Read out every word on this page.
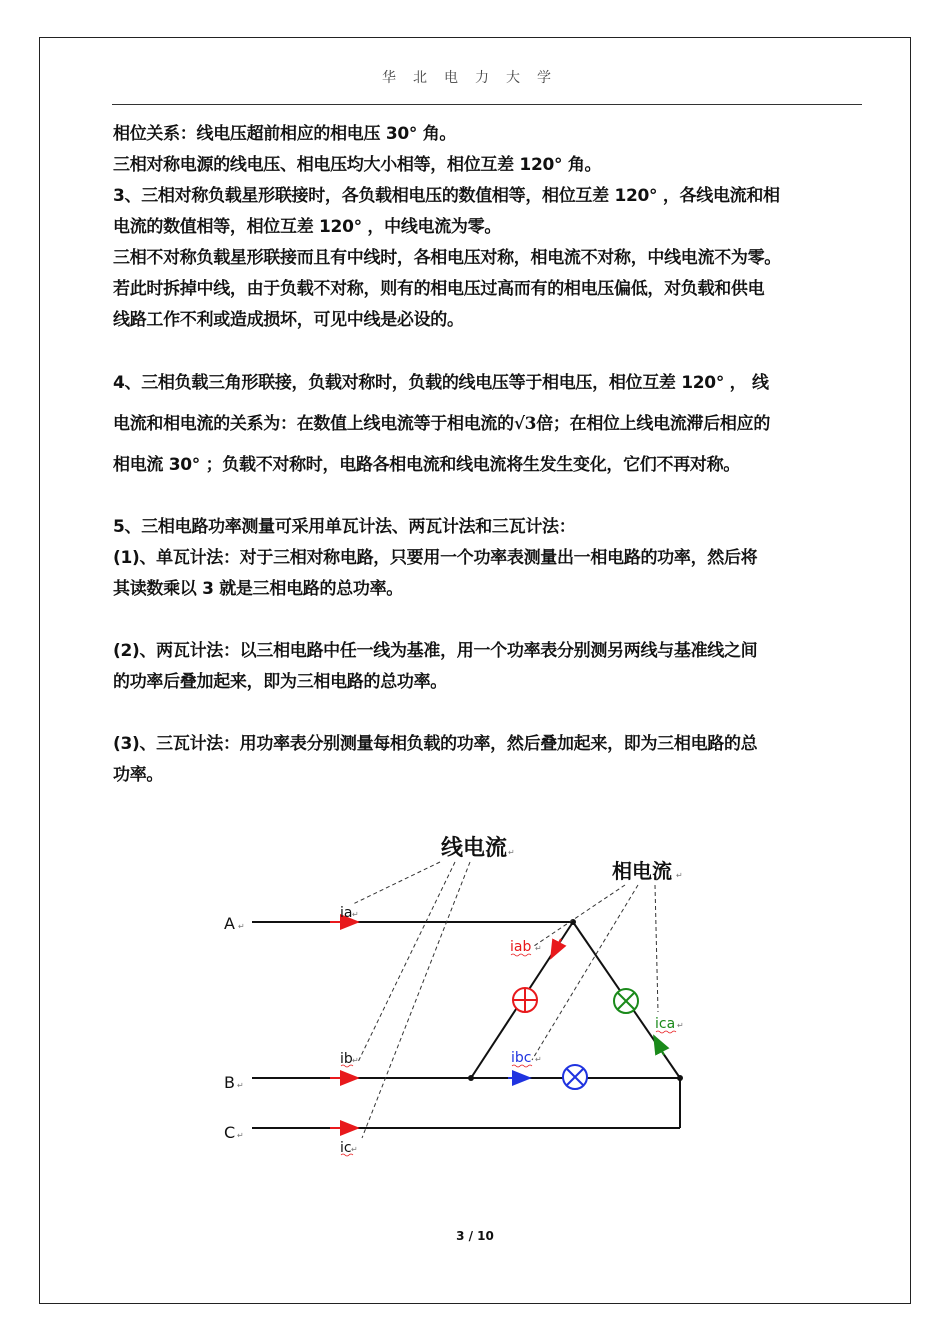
华北电力大学
相位关系：线电压超前相应的相电压 30° 角。
三相对称电源的线电压、相电压均大小相等，相位互差 120° 角。
3、三相对称负载星形联接时，各负载相电压的数值相等，相位互差 120° ，各线电流和相
电流的数值相等，相位互差 120° ，中线电流为零。
三相不对称负载星形联接而且有中线时，各相电压对称，相电流不对称，中线电流不为零。
若此时拆掉中线，由于负载不对称，则有的相电压过高而有的相电压偏低，对负载和供电
线路工作不利或造成损坏，可见中线是必设的。
4、三相负载三角形联接，负载对称时，负载的线电压等于相电压，相位互差 120° ， 线
电流和相电流的关系为：在数值上线电流等于相电流的√3倍；在相位上线电流滞后相应的
相电流 30° ；负载不对称时，电路各相电流和线电流将生发生变化，它们不再对称。
5、三相电路功率测量可采用单瓦计法、两瓦计法和三瓦计法：
(1)、单瓦计法：对于三相对称电路，只要用一个功率表测量出一相电路的功率，然后将
其读数乘以 3 就是三相电路的总功率。
(2)、两瓦计法：以三相电路中任一线为基准，用一个功率表分别测另两线与基准线之间
的功率后叠加起来，即为三相电路的总功率。
(3)、三瓦计法：用功率表分别测量每相负载的功率，然后叠加起来，即为三相电路的总
功率。
线电流 ↵
相电流 ↵
A
B
C
ia
ib
ic
iab
ibc
ica
↵
↵
↵
↵
↵
↵
↵
↵
↵
3 / 10
